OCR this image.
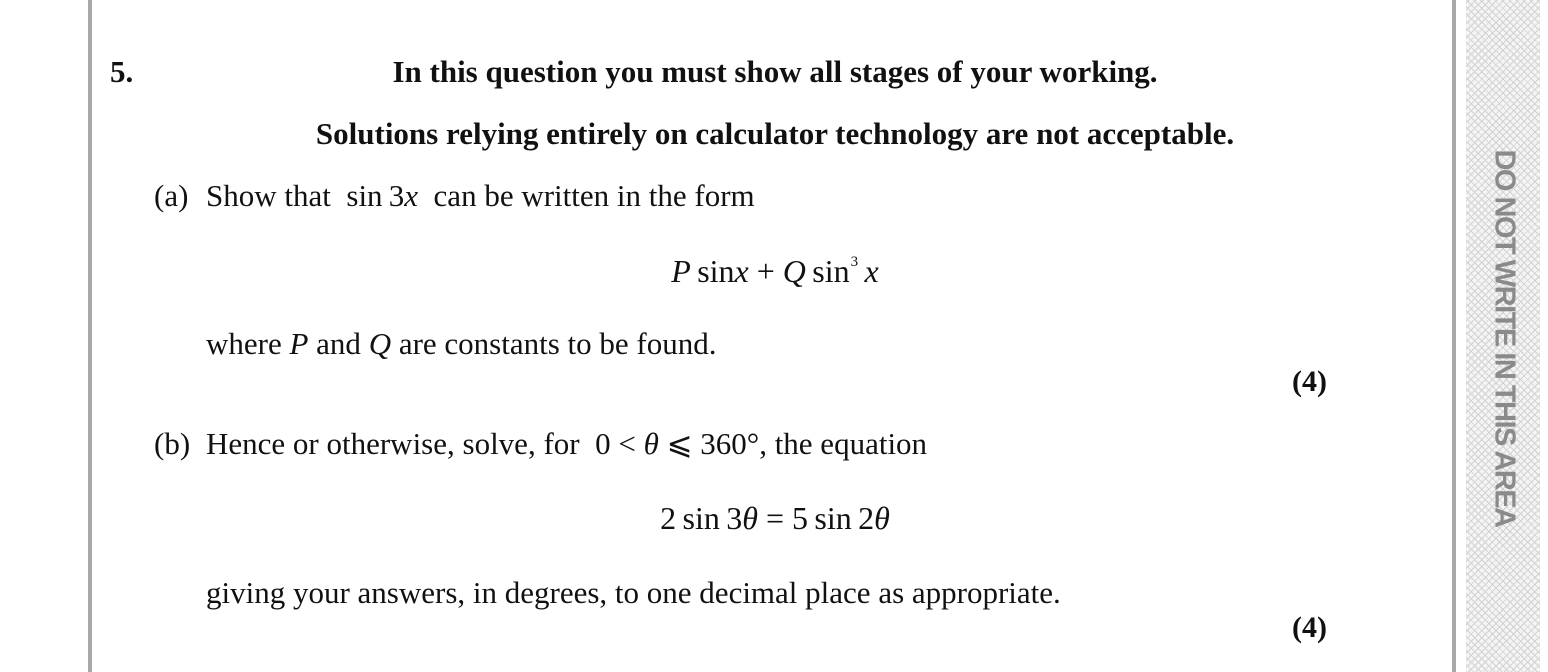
DO NOT WRITE IN THIS AREA
5.	In this question you must show all stages of your working.
Solutions relying entirely on calculator technology are not acceptable.
(a) Show that sin  3x can be written in the form
P  sinx + Q  $\sin^3 x$
where P and Q are constants to be found.
(4)
(b) Hence or otherwise, solve, for 0 < θ ⩽ 360°, the equation
2  sin  3θ = 5  sin  2θ
giving your answers, in degrees, to one decimal place as appropriate.
(4)
